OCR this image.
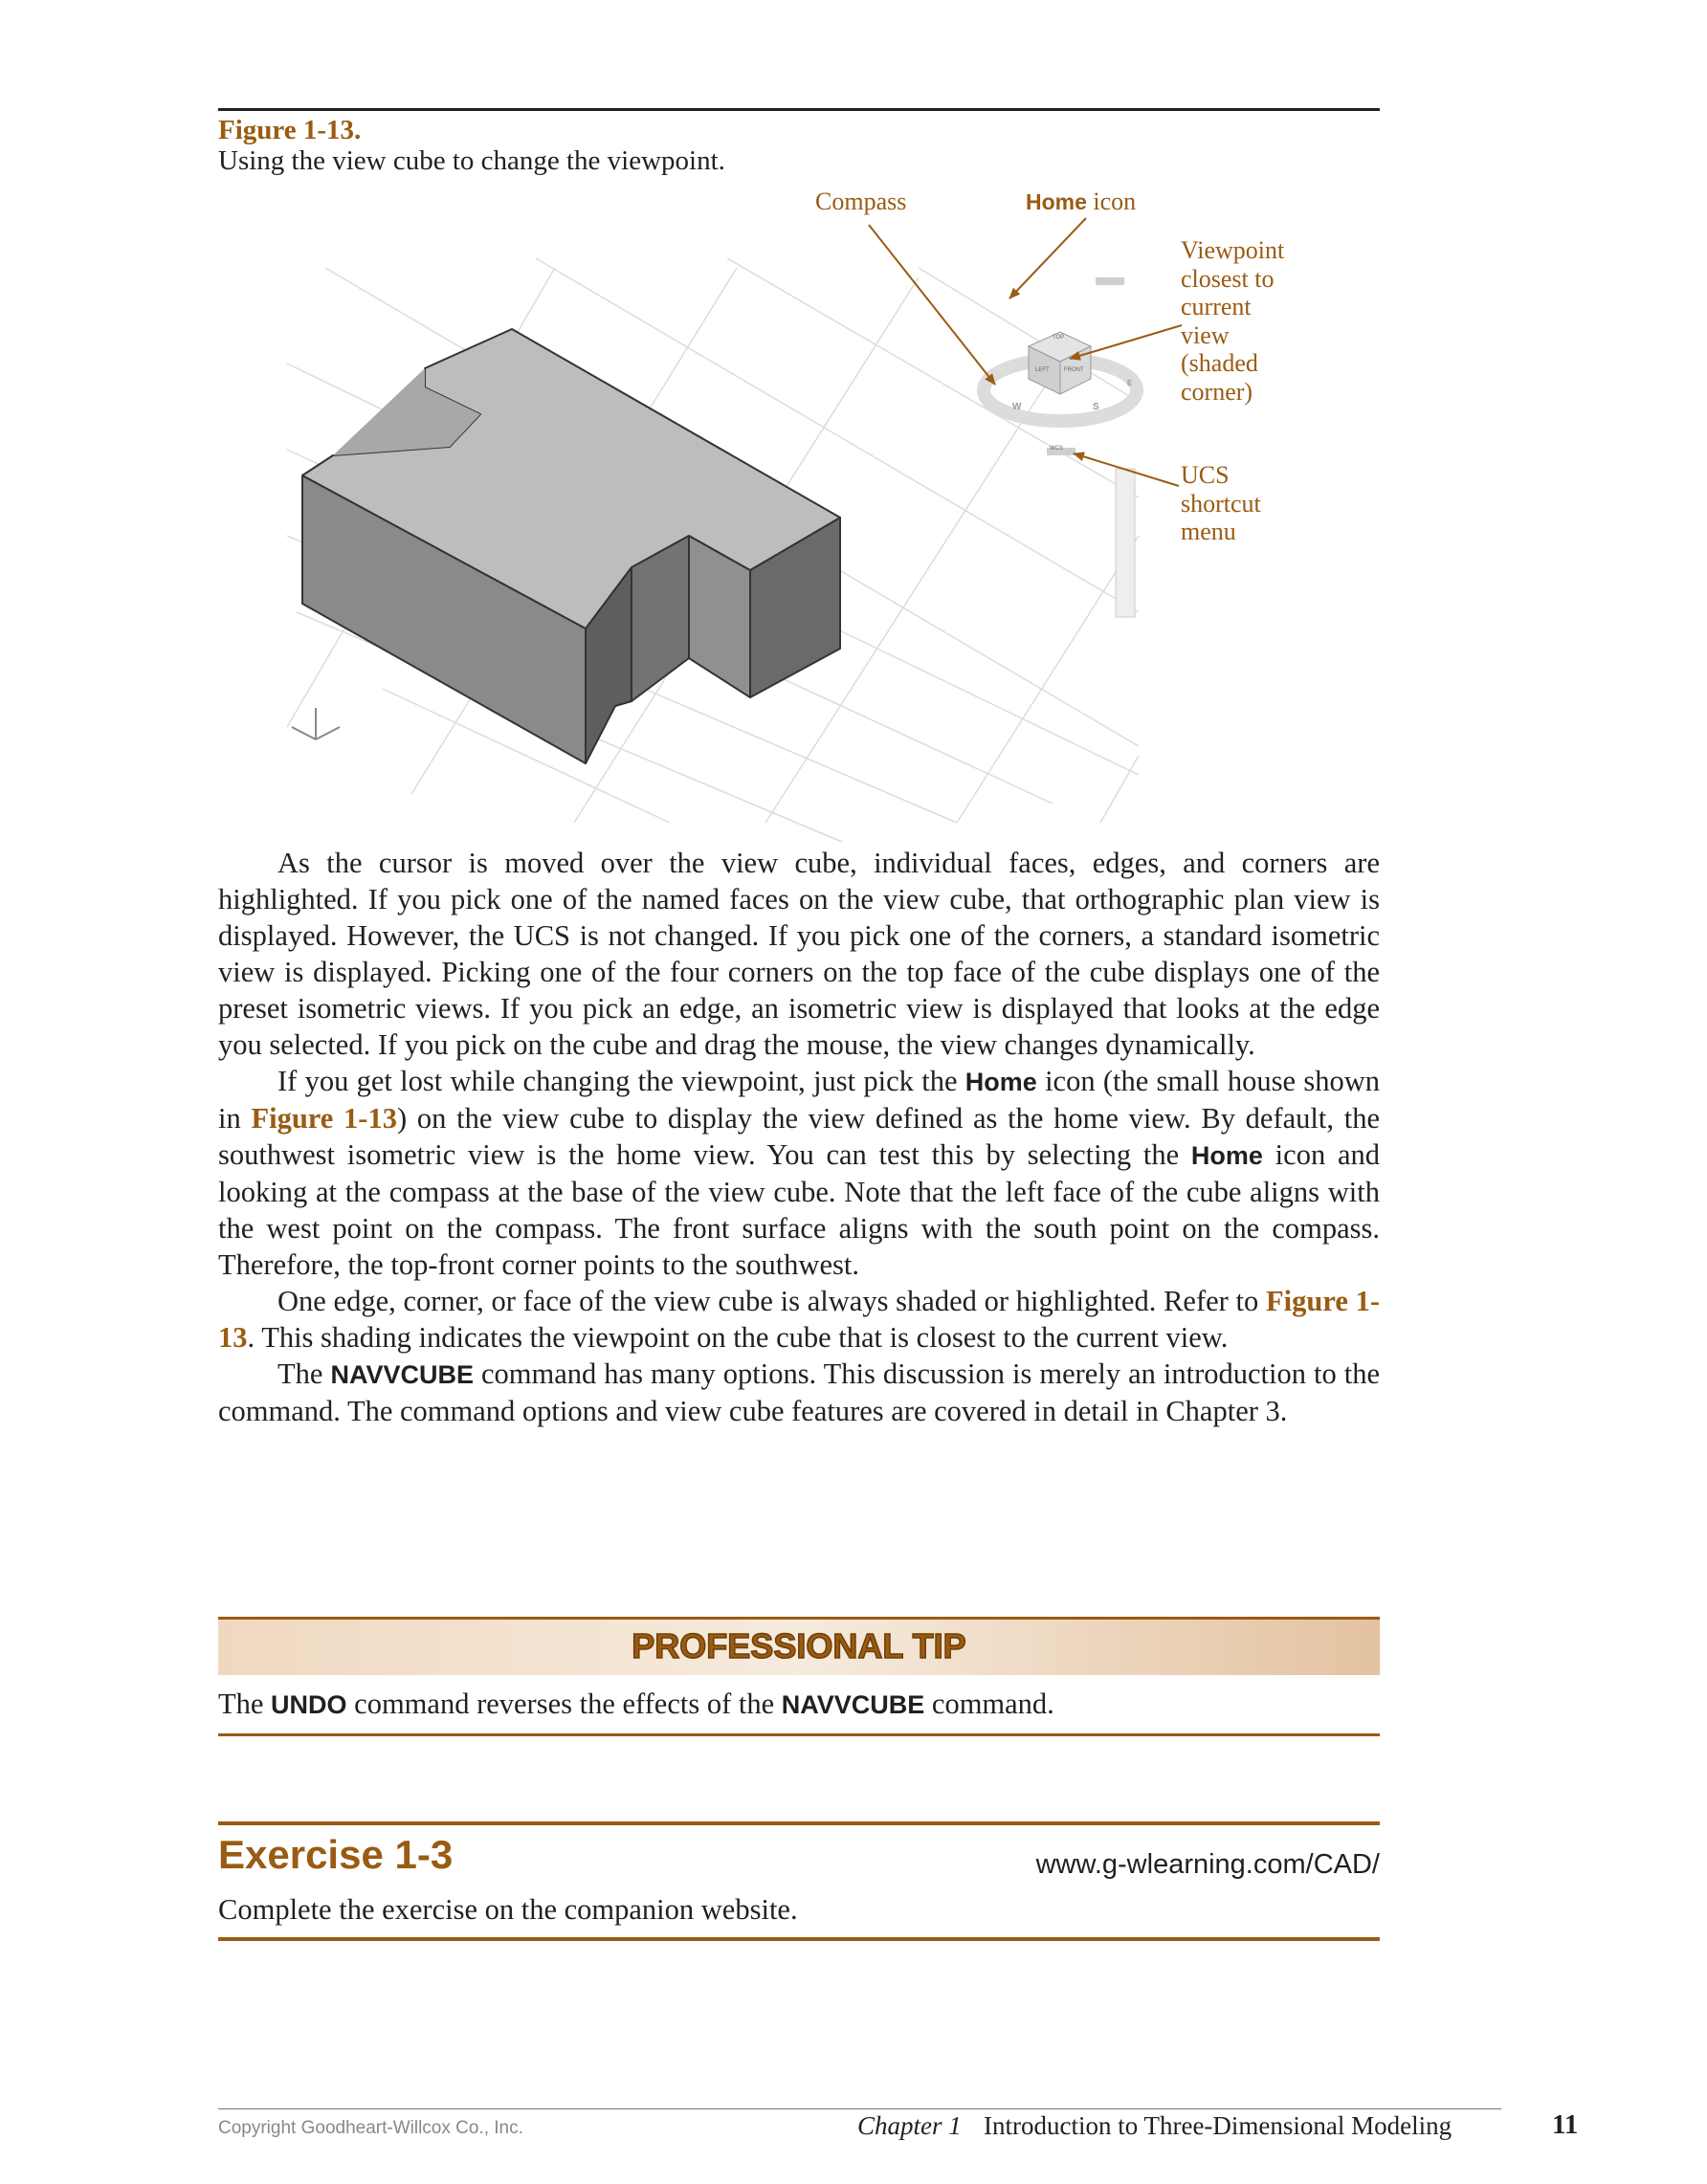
Figure 1-13.
Using the view cube to change the viewpoint.
Compass	Home icon
Viewpoint
closest to
current
view
(shaded
corner)
UCS
shortcut
menu
TOP
LEFT	FRONT
W	S
E
WCS

As the cursor is moved over the view cube, individual faces, edges, and corners are highlighted. If you pick one of the named faces on the view cube, that orthographic plan view is displayed. However, the UCS is not changed. If you pick one of the corners, a standard isometric view is displayed. Picking one of the four corners on the top face of the cube displays one of the preset isometric views. If you pick an edge, an isometric view is displayed that looks at the edge you selected. If you pick on the cube and drag the mouse, the view changes dynamically.

If you get lost while changing the viewpoint, just pick the Home icon (the small house shown in Figure 1-13) on the view cube to display the view defined as the home view. By default, the southwest isometric view is the home view. You can test this by selecting the Home icon and looking at the compass at the base of the view cube. Note that the left face of the cube aligns with the west point on the compass. The front surface aligns with the south point on the compass. Therefore, the top-front corner points to the southwest.

One edge, corner, or face of the view cube is always shaded or highlighted. Refer to Figure 1-13. This shading indicates the viewpoint on the cube that is closest to the current view.

The NAVVCUBE command has many options. This discussion is merely an introduction to the command. The command options and view cube features are covered in detail in Chapter 3.

PROFESSIONAL TIP
The UNDO command reverses the effects of the NAVVCUBE command.
Exercise 1-3	www.g-wlearning.com/CAD/
Complete the exercise on the companion website.
Copyright Goodheart-Willcox Co., Inc.	Chapter 1 Introduction to Three-Dimensional Modeling	11
